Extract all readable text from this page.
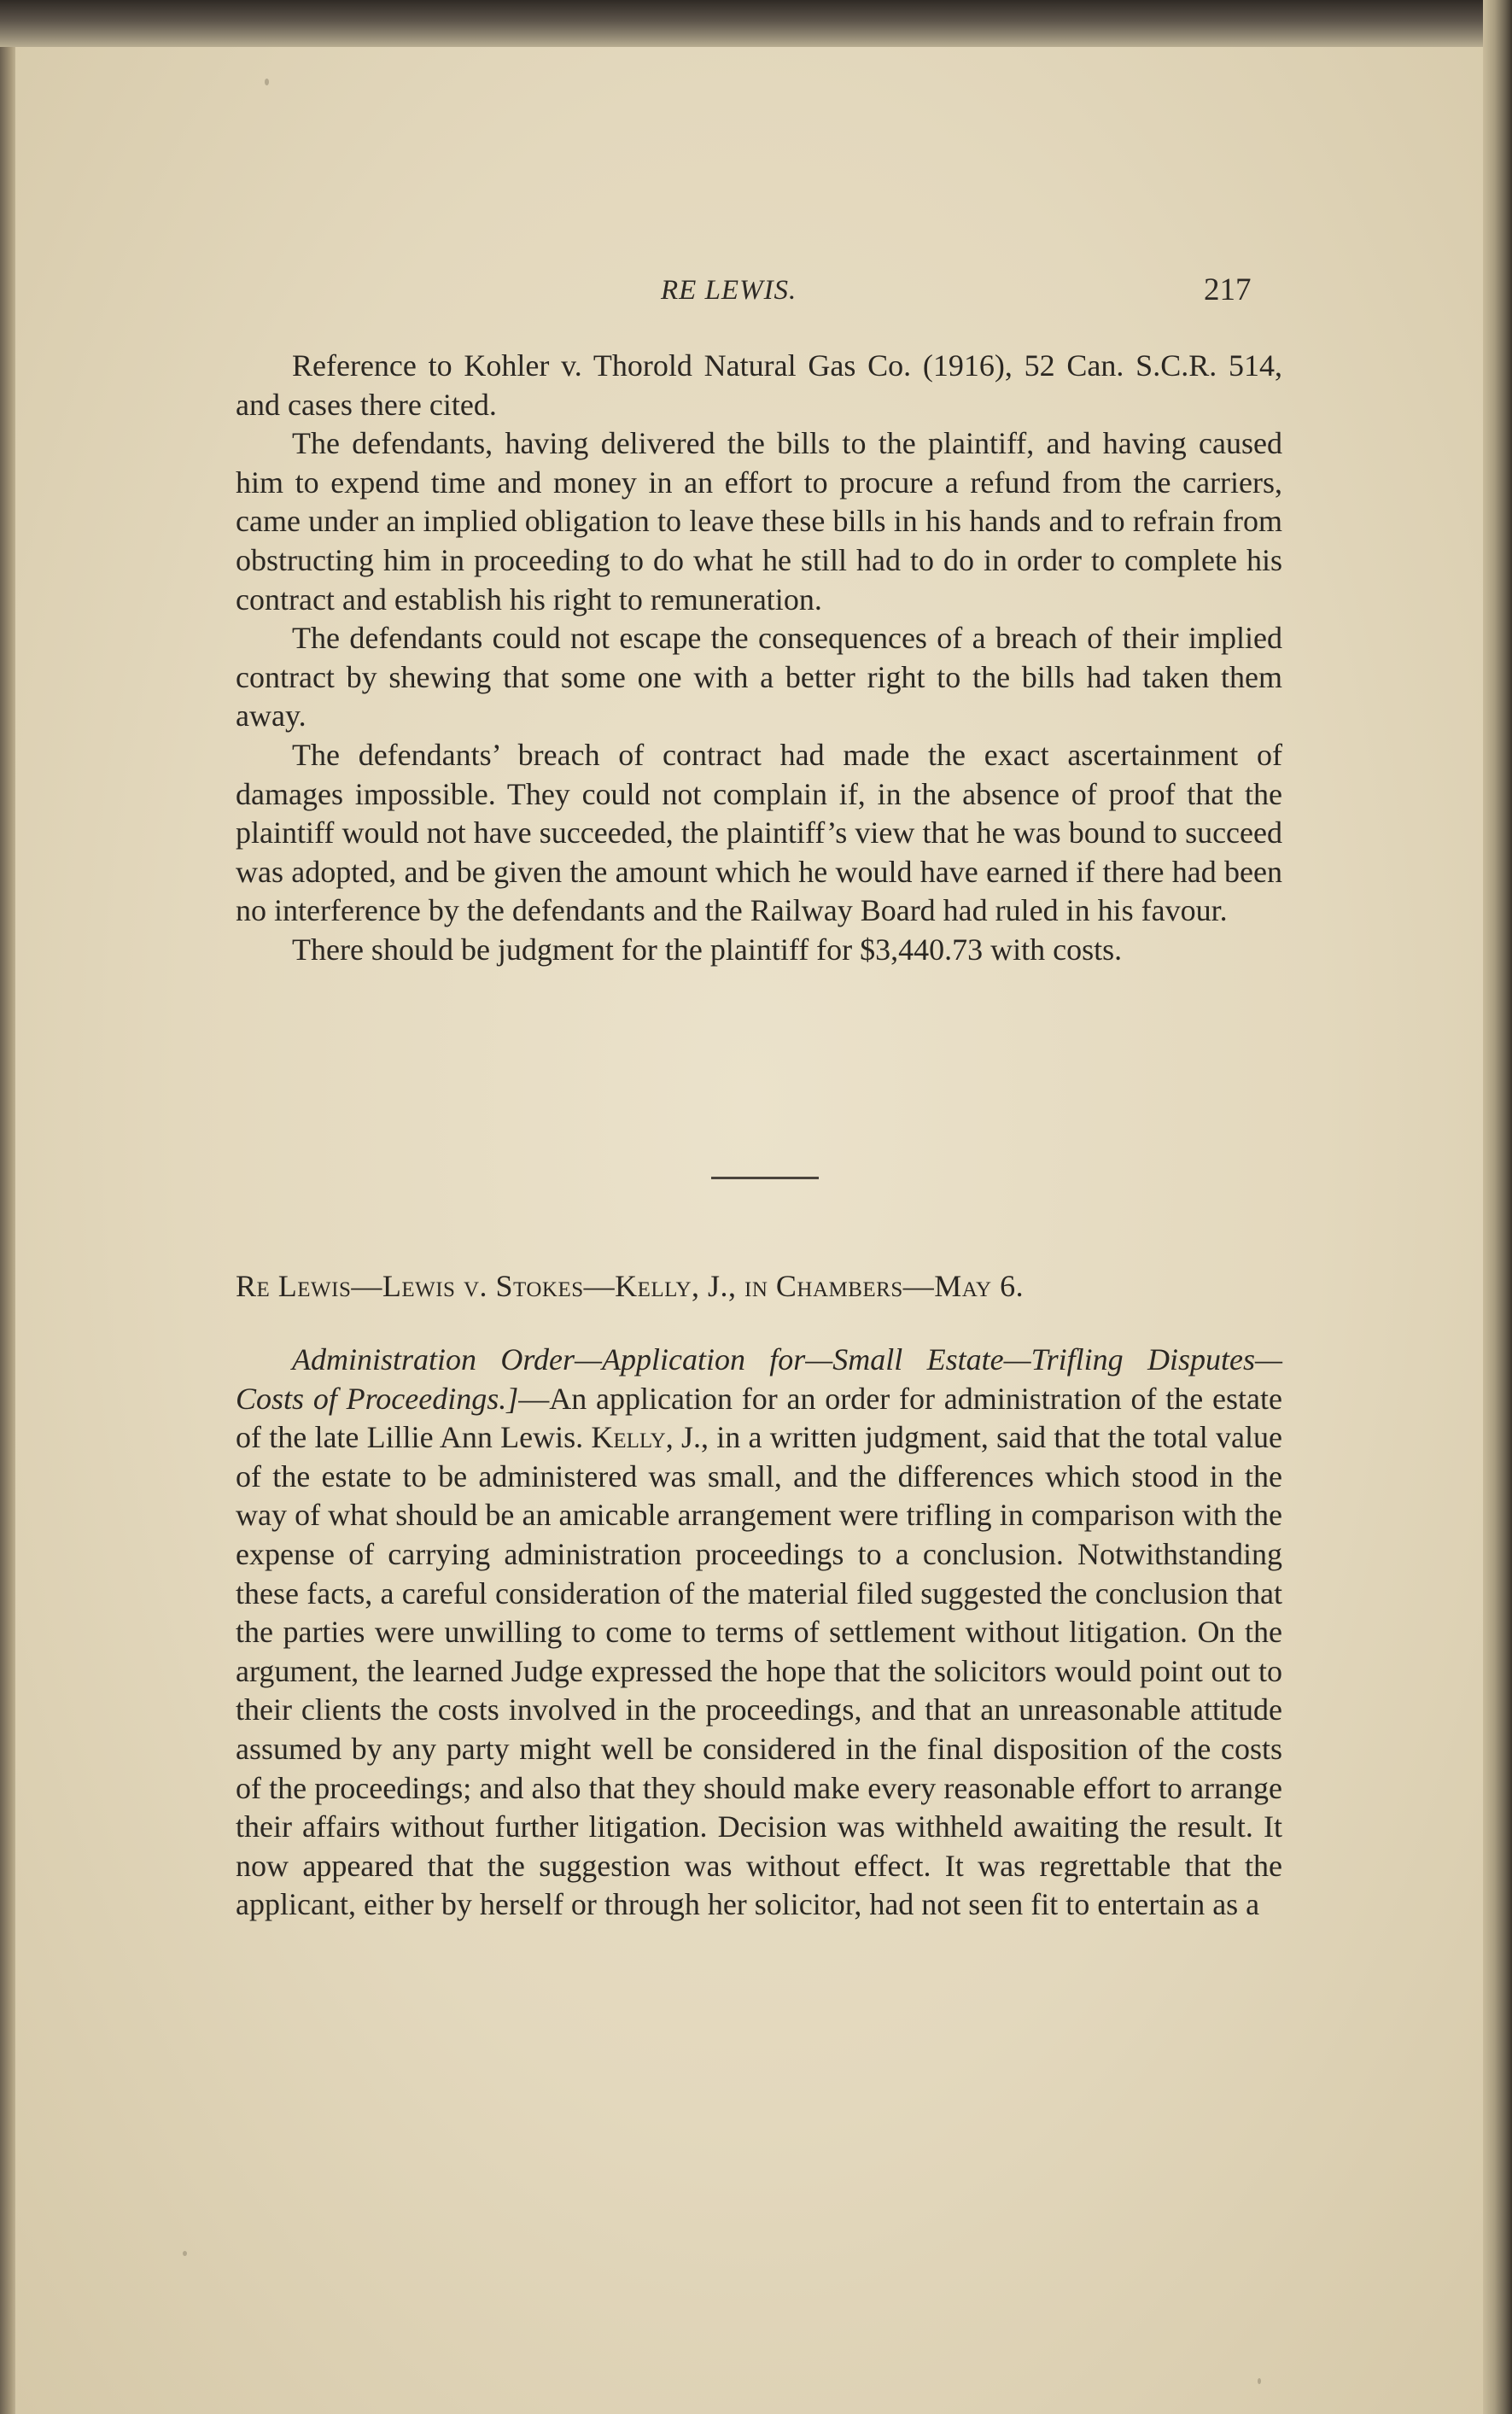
RE LEWIS.	217

Reference to Kohler v. Thorold Natural Gas Co. (1916), 52 Can. S.C.R. 514, and cases there cited.

The defendants, having delivered the bills to the plaintiff, and having caused him to expend time and money in an effort to procure a refund from the carriers, came under an implied obligation to leave these bills in his hands and to refrain from obstructing him in proceeding to do what he still had to do in order to complete his contract and establish his right to remuneration.

The defendants could not escape the consequences of a breach of their implied contract by shewing that some one with a better right to the bills had taken them away.

The defendants’ breach of contract had made the exact ascertainment of damages impossible. They could not complain if, in the absence of proof that the plaintiff would not have succeeded, the plaintiff’s view that he was bound to succeed was adopted, and be given the amount which he would have earned if there had been no interference by the defendants and the Railway Board had ruled in his favour.

There should be judgment for the plaintiff for $3,440.73 with costs.

Re Lewis—Lewis v. Stokes—Kelly, J., in Chambers—May 6.

Administration Order—Application for—Small Estate—Trifling Disputes—Costs of Proceedings.]—An application for an order for administration of the estate of the late Lillie Ann Lewis. Kelly, J., in a written judgment, said that the total value of the estate to be administered was small, and the differences which stood in the way of what should be an amicable arrangement were trifling in comparison with the expense of carrying administration proceedings to a conclusion. Notwithstanding these facts, a careful consideration of the material filed suggested the conclusion that the parties were unwilling to come to terms of settlement without litigation. On the argument, the learned Judge expressed the hope that the solicitors would point out to their clients the costs involved in the proceedings, and that an unreasonable attitude assumed by any party might well be considered in the final disposition of the costs of the proceedings; and also that they should make every reasonable effort to arrange their affairs without further litigation. Decision was withheld awaiting the result. It now appeared that the suggestion was without effect. It was regrettable that the applicant, either by herself or through her solicitor, had not seen fit to entertain as a
